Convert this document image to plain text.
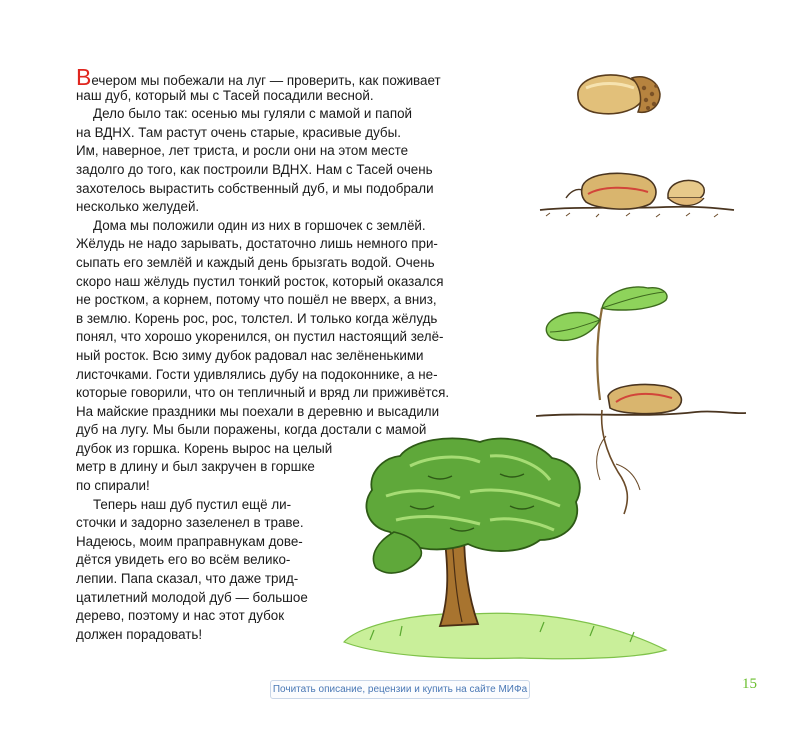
Вечером мы побежали на луг — проверить, как поживает
наш дуб, который мы с Тасей посадили весной.
Дело было так: осенью мы гуляли с мамой и папой
на ВДНХ. Там растут очень старые, красивые дубы.
Им, наверное, лет триста, и росли они на этом месте
задолго до того, как построили ВДНХ. Нам с Тасей очень
захотелось вырастить собственный дуб, и мы подобрали
несколько желудей.
Дома мы положили один из них в горшочек с землёй.
Жёлудь не надо зарывать, достаточно лишь немного при-
сыпать его землёй и каждый день брызгать водой. Очень
скоро наш жёлудь пустил тонкий росток, который оказался
не ростком, а корнем, потому что пошёл не вверх, а вниз,
в землю. Корень рос, рос, толстел. И только когда жёлудь
понял, что хорошо укоренился, он пустил настоящий зелё-
ный росток. Всю зиму дубок радовал нас зелёненькими
листочками. Гости удивлялись дубу на подоконнике, а не-
которые говорили, что он тепличный и вряд ли приживётся.
На майские праздники мы поехали в деревню и высадили
дуб на лугу. Мы были поражены, когда достали с мамой
дубок из горшка. Корень вырос на целый
метр в длину и был закручен в горшке
по спирали!
Теперь наш дуб пустил ещё ли-
сточки и задорно зазеленел в траве.
Надеюсь, моим праправнукам дове-
дётся увидеть его во всём велико-
лепии. Папа сказал, что даже трид-
цатилетний молодой дуб — большое
дерево, поэтому и нас этот дубок
должен порадовать!
Почитать описание, рецензии и купить на сайте МИФа	15
